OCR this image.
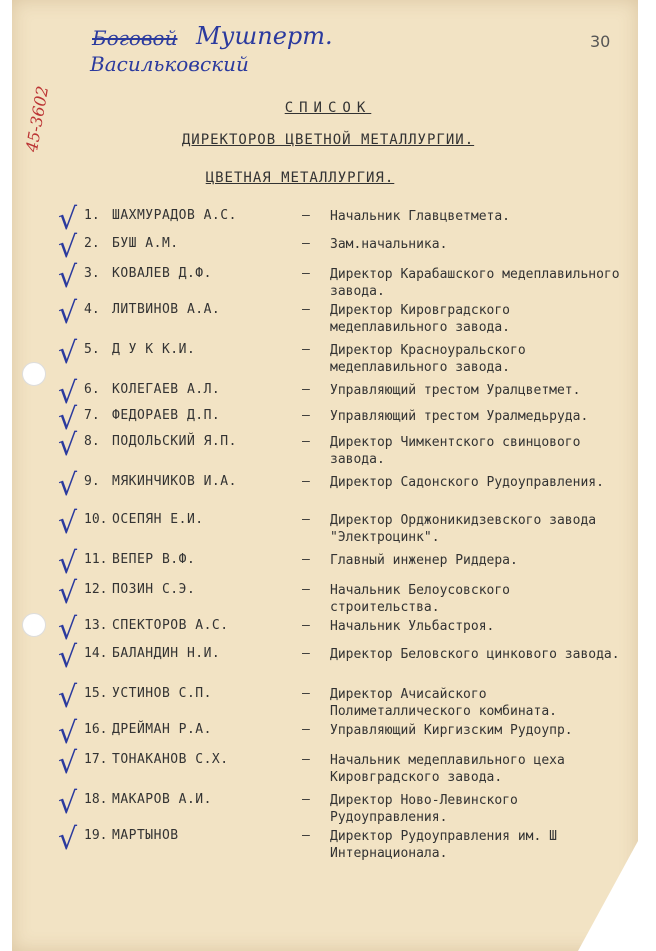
30
Боговой Мушперт.
Васильковский
45-3602	СПИСОК
ДИРЕКТОРОВ ЦВЕТНОЙ МЕТАЛЛУРГИИ.
ЦВЕТНАЯ МЕТАЛЛУРГИЯ.
√ 1. ШАХМУРАДОВ А.С.	— Начальник Главцветмета.
√ 2. БУШ А.М.	— Зам.начальника.
√ 3. КОВАЛЕВ Д.Ф.	— Директор Карабашского медеплавильного завода.
√ 4. ЛИТВИНОВ А.А.	— Директор Кировградского медеплавильного завода.
√ 5. Д У К К.И.	— Директор Красноуральского медеплавильного завода.
√ 6. КОЛЕГАЕВ А.Л.	— Управляющий трестом Уралцветмет.
√ 7. ФЕДОРАЕВ Д.П.	— Управляющий трестом Уралмедьруда.
√ 8. ПОДОЛЬСКИЙ Я.П.	— Директор Чимкентского свинцового завода.
√ 9. МЯКИНЧИКОВ И.А.	— Директор Садонского Рудоуправления.
√ 10. ОСЕПЯН Е.И.	— Директор Орджоникидзевского завода "Электроцинк".
√ 11. ВЕПЕР В.Ф.	— Главный инженер Риддера.
√ 12. ПОЗИН С.Э.	— Начальник Белоусовского строительства.
√ 13. СПЕКТОРОВ А.С.	— Начальник Ульбастроя.
√ 14. БАЛАНДИН Н.И.	— Директор Беловского цинкового завода.
√ 15. УСТИНОВ С.П.	— Директор Ачисайского Полиметаллического комбината.
√ 16. ДРЕЙМАН Р.А.	— Управляющий Киргизским Рудоупр.
√ 17. ТОНАКАНОВ С.Х.	— Начальник медеплавильного цеха Кировградского завода.
√ 18. МАКАРОВ А.И.	— Директор Ново-Левинского Рудоуправления.
√ 19. МАРТЫНОВ	— Директор Рудоуправления им. Ш Интернационала.
